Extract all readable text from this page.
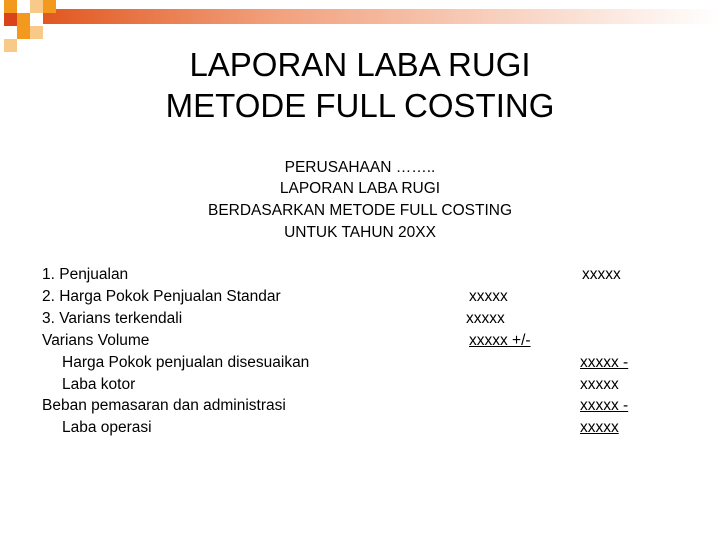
LAPORAN LABA RUGI
METODE FULL COSTING
PERUSAHAAN ……..
LAPORAN LABA RUGI
BERDASARKAN METODE FULL COSTING
UNTUK TAHUN 20XX
1. Penjualan
2. Harga Pokok Penjualan Standar
3. Varians terkendali
Varians Volume
Harga Pokok penjualan disesuaikan
Laba kotor
Beban pemasaran dan administrasi
Laba operasi
xxxxx
xxxxx
xxxxx +/-
xxxxx
xxxxx -
xxxxx
xxxxx -
xxxxx
